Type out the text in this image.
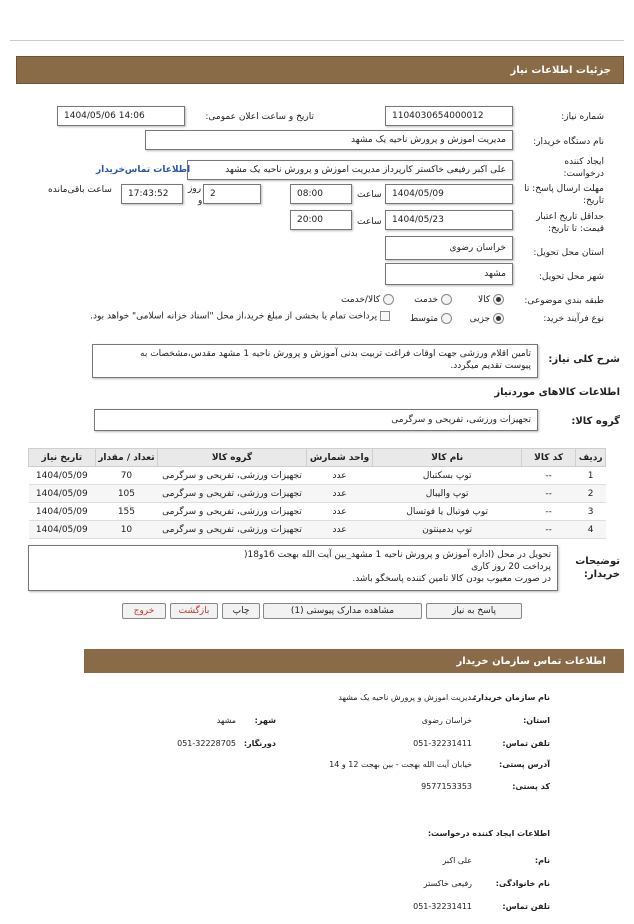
جزئیات اطلاعات نیاز
شماره نیاز:
1104030654000012
تاریخ و ساعت اعلان عمومی:
1404/05/06 14:06
نام دستگاه خریدار:
مدیریت اموزش و پرورش ناحیه یک مشهد
ایجاد کننده
درخواست:
علی اکبر رفیعی خاکستر کارپرداز مدیریت اموزش و پرورش ناحیه یک مشهد
اطلاعات تماس‌خریدار
مهلت ارسال پاسخ: تا
تاریخ:
1404/05/09
ساعت
08:00
2
روز
و
17:43:52
ساعت باقی‌مانده
حداقل تاریخ اعتبار
قیمت: تا تاریخ:
1404/05/23
ساعت
20:00
استان محل تحویل:
خراسان رضوی
شهر محل تحویل:
مشهد
طبقه بندی موضوعی:
کالا
خدمت
کالا/خدمت
نوع فرآیند خرید:
جزیی
متوسط
پرداخت تمام یا بخشی از مبلغ خرید،از محل "اسناد خزانه اسلامی" خواهد بود.
شرح کلی نیاز:
تامین اقلام ورزشی جهت اوقات فراغت تربیت بدنی آموزش و پرورش ناحیه 1 مشهد مقدس،مشخصات به
پیوست تقدیم میگردد.
اطلاعات کالاهای موردنیاز
گروه کالا:
تجهیزات ورزشی، تفریحی و سرگرمی
ردیف	کد کالا	نام کالا	واحد شمارش	گروه کالا	تعداد / مقدار	تاریخ نیاز
1	--	توپ بسکتبال	عدد	تجهیزات ورزشی، تفریحی و سرگرمی	70	1404/05/09
2	--	توپ والیبال	عدد	تجهیزات ورزشی، تفریحی و سرگرمی	105	1404/05/09
3	--	توپ فوتبال یا فوتسال	عدد	تجهیزات ورزشی، تفریحی و سرگرمی	155	1404/05/09
4	--	توپ بدمینتون	عدد	تجهیزات ورزشی، تفریحی و سرگرمی	10	1404/05/09
توضیحات
خریدار:
تحویل در محل (اداره آموزش و پرورش ناحیه 1 مشهد_بین آیت الله بهجت 16و18(
پرداخت 20 روز کاری
در صورت معیوب بودن کالا تامین کننده پاسخگو باشد.
پاسخ به نیاز
مشاهده مدارک پیوستی (1)
چاپ
بازگشت
خروج
اطلاعات تماس سازمان خریدار
نام سازمان خریدار:
مدیریت اموزش و پرورش ناحیه یک مشهد
استان:
خراسان رضوی
شهر:
مشهد
تلفن تماس:
051-32231411
دورنگار:
051-32228705
آدرس پستی:
خیابان آیت الله بهجت - بین بهجت 12 و 14
کد پستی:
9577153353
اطلاعات ایجاد کننده درخواست:
نام:
علی اکبر
نام خانوادگی:
رفیعی خاکستر
تلفن تماس:
051-32231411
